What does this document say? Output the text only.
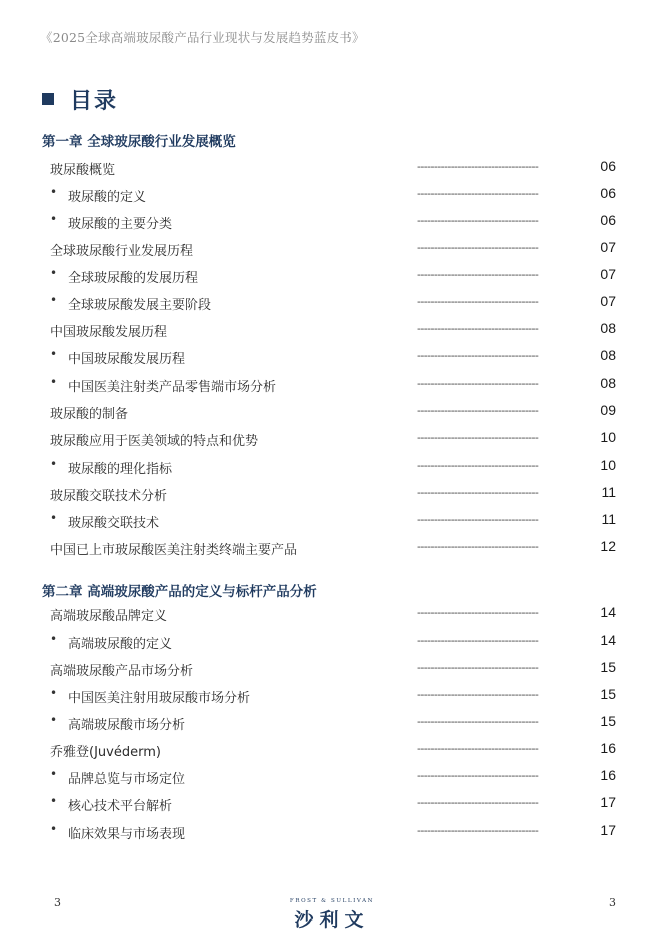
《2025全球高端玻尿酸产品行业现状与发展趋势蓝皮书》
目录
第一章 全球玻尿酸行业发展概览
玻尿酸概览	------------------------------------	06
• 玻尿酸的定义	------------------------------------	06
• 玻尿酸的主要分类	------------------------------------	06
全球玻尿酸行业发展历程	------------------------------------	07
• 全球玻尿酸的发展历程	------------------------------------	07
• 全球玻尿酸发展主要阶段	------------------------------------	07
中国玻尿酸发展历程	------------------------------------	08
• 中国玻尿酸发展历程	------------------------------------	08
• 中国医美注射类产品零售端市场分析	------------------------------------	08
玻尿酸的制备	------------------------------------	09
玻尿酸应用于医美领域的特点和优势	------------------------------------	10
• 玻尿酸的理化指标	------------------------------------	10
玻尿酸交联技术分析	------------------------------------	11
• 玻尿酸交联技术	------------------------------------	11
中国已上市玻尿酸医美注射类终端主要产品	------------------------------------	12
第二章 高端玻尿酸产品的定义与标杆产品分析
高端玻尿酸品牌定义	------------------------------------	14
• 高端玻尿酸的定义	------------------------------------	14
高端玻尿酸产品市场分析	------------------------------------	15
• 中国医美注射用玻尿酸市场分析	------------------------------------	15
• 高端玻尿酸市场分析	------------------------------------	15
乔雅登(Juvéderm)	------------------------------------	16
• 品牌总览与市场定位	------------------------------------	16
• 核心技术平台解析	------------------------------------	17
• 临床效果与市场表现	------------------------------------	17
3	FROST & SULLIVAN
沙利文
3
